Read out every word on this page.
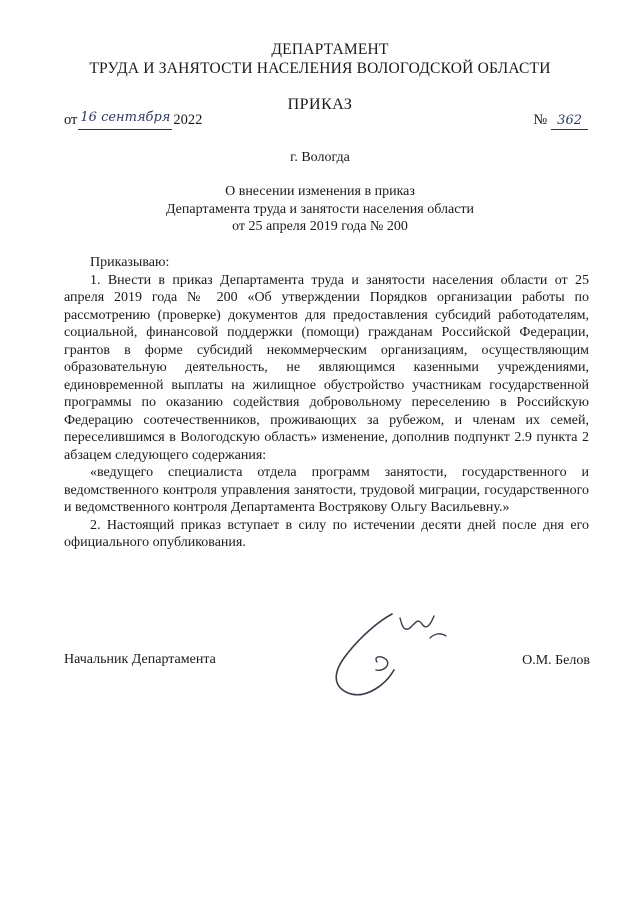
ДЕПАРТАМЕНТ
ТРУДА И ЗАНЯТОСТИ НАСЕЛЕНИЯ ВОЛОГОДСКОЙ ОБЛАСТИ
ПРИКАЗ
от 16 сентября 2022	№ 362
г. Вологда
О внесении изменения в приказ
Департамента труда и занятости населения области
от 25 апреля 2019 года № 200

Приказываю:

1. Внести в приказ Департамента труда и занятости населения области от 25 апреля 2019 года № 200 «Об утверждении Порядков организации работы по рассмотрению (проверке) документов для предоставления субсидий работодателям, социальной, финансовой поддержки (помощи) гражданам Российской Федерации, грантов в форме субсидий некоммерческим организациям, осуществляющим образовательную деятельность, не являющимся казенными учреждениями, единовременной выплаты на жилищное обустройство участникам государственной программы по оказанию содействия добровольному переселению в Российскую Федерацию соотечественников, проживающих за рубежом, и членам их семей, переселившимся в Вологодскую область» изменение, дополнив подпункт 2.9 пункта 2 абзацем следующего содержания:

«ведущего специалиста отдела программ занятости, государственного и ведомственного контроля управления занятости, трудовой миграции, государственного и ведомственного контроля Департамента Вострякову Ольгу Васильевну.»

2. Настоящий приказ вступает в силу по истечении десяти дней после дня его официального опубликования.

Начальник Департамента	О.М. Белов
